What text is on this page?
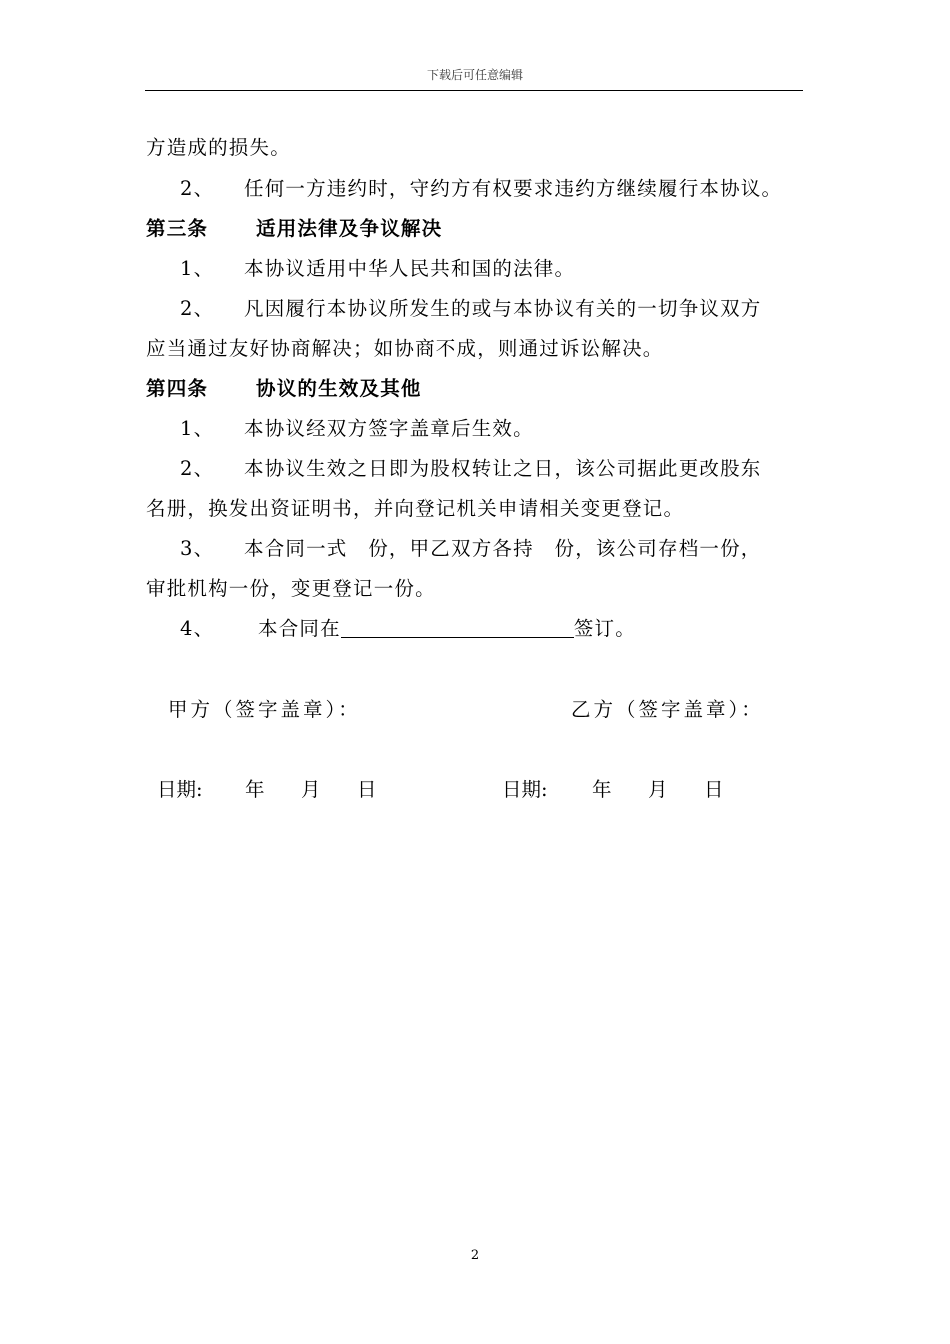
下载后可任意编辑
方造成的损失。
2、 任何一方违约时，守约方有权要求违约方继续履行本协议。
第三条 适用法律及争议解决
1、 本协议适用中华人民共和国的法律。
2、 凡因履行本协议所发生的或与本协议有关的一切争议双方
应当通过友好协商解决；如协商不成，则通过诉讼解决。
第四条 协议的生效及其他
1、 本协议经双方签字盖章后生效。
2、 本协议生效之日即为股权转让之日，该公司据此更改股东
名册，换发出资证明书，并向登记机关申请相关变更登记。
3、 本合同一式　份，甲乙双方各持　份，该公司存档一份，
审批机构一份，变更登记一份。
4、 本合同在	签订。
甲方（签字盖章）：	乙方（签字盖章）：
日期: 年 月 日	日期: 年 月 日
2
